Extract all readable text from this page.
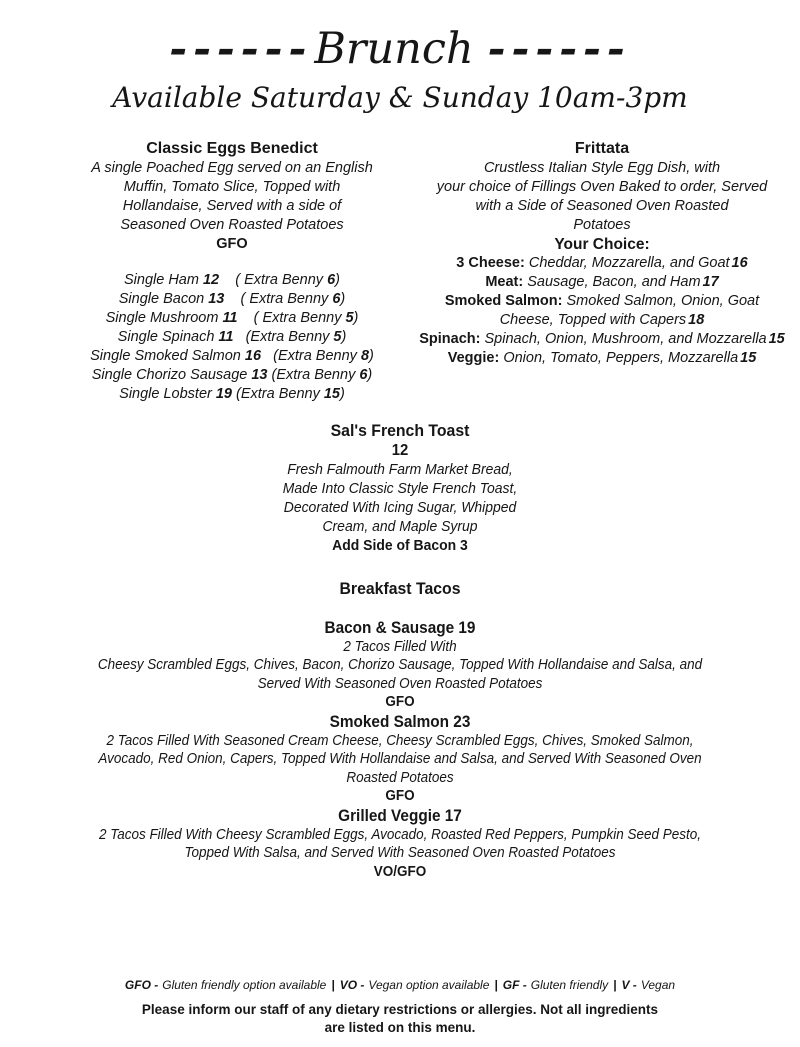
------Brunch ------

Available Saturday & Sunday 10am-3pm

Classic Eggs Benedict

A single Poached Egg served on an English
Muffin, Tomato Slice, Topped with
Hollandaise, Served with a side of
Seasoned Oven Roasted Potatoes

GFO

Single Ham 12 ( Extra Benny 6)

Single Bacon 13 ( Extra Benny 6)

Single Mushroom 11 ( Extra Benny 5)

Single Spinach 11 (Extra Benny 5)

Single Smoked Salmon 16 (Extra Benny 8)

Single Chorizo Sausage 13 (Extra Benny 6)

Single Lobster 19 (Extra Benny 15)

Frittata

Crustless Italian Style Egg Dish, with
your choice of Fillings Oven Baked to order, Served
with a Side of Seasoned Oven Roasted
Potatoes

Your Choice:

3 Cheese: Cheddar, Mozzarella, and Goat 16

Meat: Sausage, Bacon, and Ham 17

Smoked Salmon: Smoked Salmon, Onion, Goat Cheese, Topped with Capers 18

Spinach: Spinach, Onion, Mushroom, and Mozzarella 15

Veggie: Onion, Tomato, Peppers, Mozzarella 15

Sal's French Toast

12

Fresh Falmouth Farm Market Bread,
Made Into Classic Style French Toast,
Decorated With Icing Sugar, Whipped
Cream, and Maple Syrup

Add Side of Bacon 3

Breakfast Tacos
Bacon & Sausage 19

2 Tacos Filled With
Cheesy Scrambled Eggs, Chives, Bacon, Chorizo Sausage, Topped With Hollandaise and Salsa, and
Served With Seasoned Oven Roasted Potatoes

GFO

Smoked Salmon 23

2 Tacos Filled With Seasoned Cream Cheese, Cheesy Scrambled Eggs, Chives, Smoked Salmon,
Avocado, Red Onion, Capers, Topped With Hollandaise and Salsa, and Served With Seasoned Oven
Roasted Potatoes

GFO

Grilled Veggie 17

2 Tacos Filled With Cheesy Scrambled Eggs, Avocado, Roasted Red Peppers, Pumpkin Seed Pesto,
Topped With Salsa, and Served With Seasoned Oven Roasted Potatoes

VO/GFO

GFO - Gluten friendly option available | VO - Vegan option available | GF - Gluten friendly | V - Vegan

Please inform our staff of any dietary restrictions or allergies. Not all ingredients
are listed on this menu.
